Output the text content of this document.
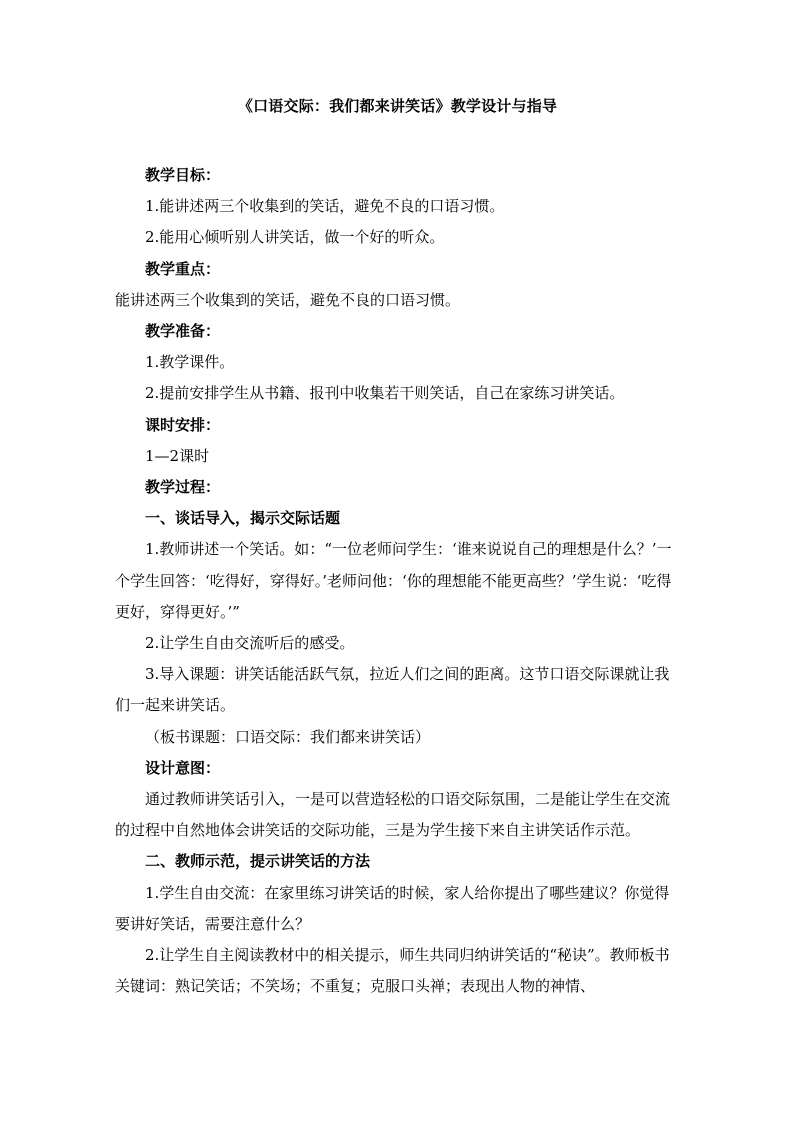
《口语交际：我们都来讲笑话》教学设计与指导

教学目标：

1.能讲述两三个收集到的笑话，避免不良的口语习惯。

2.能用心倾听别人讲笑话，做一个好的听众。

教学重点：

能讲述两三个收集到的笑话，避免不良的口语习惯。

教学准备：

1.教学课件。

2.提前安排学生从书籍、报刊中收集若干则笑话，自己在家练习讲笑话。

课时安排：

1—2课时

教学过程：

一、谈话导入，揭示交际话题

1.教师讲述一个笑话。如：“一位老师问学生：‘谁来说说自己的理想是什么？’一个学生回答：‘吃得好，穿得好。’老师问他：‘你的理想能不能更高些？’学生说：‘吃得更好，穿得更好。’”

2.让学生自由交流听后的感受。

3.导入课题：讲笑话能活跃气氛，拉近人们之间的距离。这节口语交际课就让我们一起来讲笑话。

（板书课题：口语交际：我们都来讲笑话）

设计意图：

通过教师讲笑话引入，一是可以营造轻松的口语交际氛围，二是能让学生在交流的过程中自然地体会讲笑话的交际功能，三是为学生接下来自主讲笑话作示范。

二、教师示范，提示讲笑话的方法

1.学生自由交流：在家里练习讲笑话的时候，家人给你提出了哪些建议？你觉得要讲好笑话，需要注意什么？

2.让学生自主阅读教材中的相关提示，师生共同归纳讲笑话的“秘诀”。教师板书关键词：熟记笑话；不笑场；不重复；克服口头禅；表现出人物的神情、
